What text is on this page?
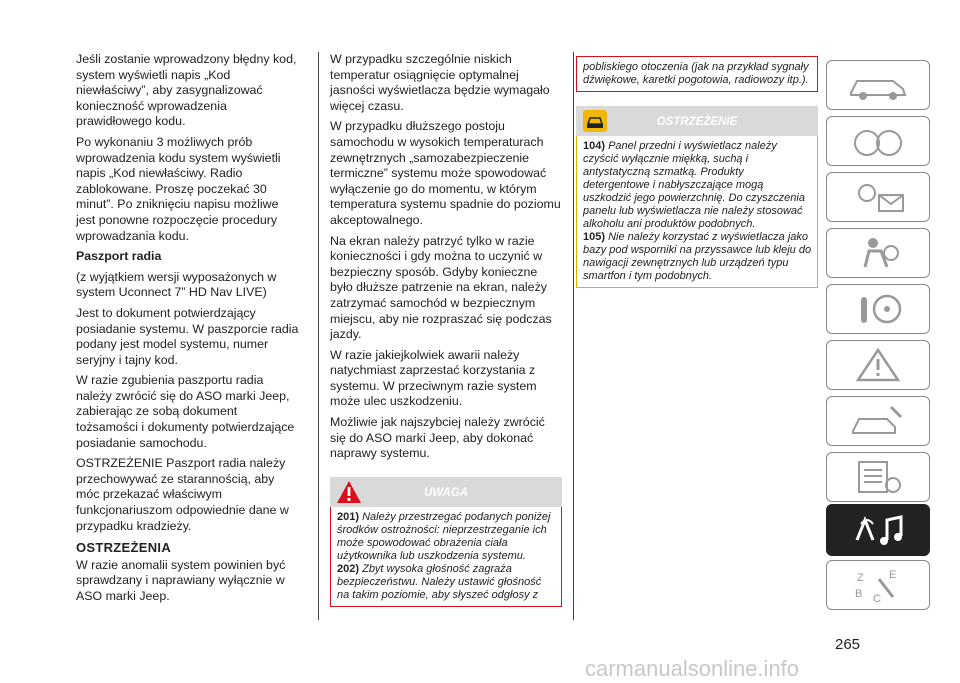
Jeśli zostanie wprowadzony błędny kod, system wyświetli napis „Kod niewłaściwy”, aby zasygnalizować konieczność wprowadzenia prawidłowego kodu.

Po wykonaniu 3 możliwych prób wprowadzenia kodu system wyświetli napis „Kod niewłaściwy. Radio zablokowane. Proszę poczekać 30 minut”. Po zniknięciu napisu możliwe jest ponowne rozpoczęcie procedury wprowadzania kodu.

Paszport radia

(z wyjątkiem wersji wyposażonych w system Uconnect 7” HD Nav LIVE)

Jest to dokument potwierdzający posiadanie systemu. W paszporcie radia podany jest model systemu, numer seryjny i tajny kod.

W razie zgubienia paszportu radia należy zwrócić się do ASO marki Jeep, zabierając ze sobą dokument tożsamości i dokumenty potwierdzające posiadanie samochodu.

OSTRZEŻENIE Paszport radia należy przechowywać ze starannością, aby móc przekazać właściwym funkcjonariuszom odpowiednie dane w przypadku kradzieży.

OSTRZEŻENIA

W razie anomalii system powinien być sprawdzany i naprawiany wyłącznie w ASO marki Jeep.

W przypadku szczególnie niskich temperatur osiągnięcie optymalnej jasności wyświetlacza będzie wymagało więcej czasu.

W przypadku dłuższego postoju samochodu w wysokich temperaturach zewnętrznych „samozabezpieczenie termiczne” systemu może spowodować wyłączenie go do momentu, w którym temperatura systemu spadnie do poziomu akceptowalnego.

Na ekran należy patrzyć tylko w razie konieczności i gdy można to uczynić w bezpieczny sposób. Gdyby konieczne było dłuższe patrzenie na ekran, należy zatrzymać samochód w bezpiecznym miejscu, aby nie rozpraszać się podczas jazdy.

W razie jakiejkolwiek awarii należy natychmiast zaprzestać korzystania z systemu. W przeciwnym razie system może ulec uszkodzeniu.

Możliwie jak najszybciej należy zwrócić się do ASO marki Jeep, aby dokonać naprawy systemu.

UWAGA
201) Należy przestrzegać podanych poniżej środków ostrożności: nieprzestrzeganie ich może spowodować obrażenia ciała użytkownika lub uszkodzenia systemu.
202) Zbyt wysoka głośność zagraża bezpieczeństwu. Należy ustawić głośność na takim poziomie, aby słyszeć odgłosy z
pobliskiego otoczenia (jak na przykład sygnały dźwiękowe, karetki pogotowia, radiowozy itp.).
OSTRZEŻENIE
104) Panel przedni i wyświetlacz należy czyścić wyłącznie miękką, suchą i antystatyczną szmatką. Produkty detergentowe i nabłyszczające mogą uszkodzić jego powierzchnię. Do czyszczenia panelu lub wyświetlacza nie należy stosować alkoholu ani produktów podobnych.
105) Nie należy korzystać z wyświetlacza jako bazy pod wsporniki na przyssawce lub kleju do nawigacji zewnętrznych lub urządzeń typu smartfon i tym podobnych.
Z E
B C
265
carmanualsonline.info
